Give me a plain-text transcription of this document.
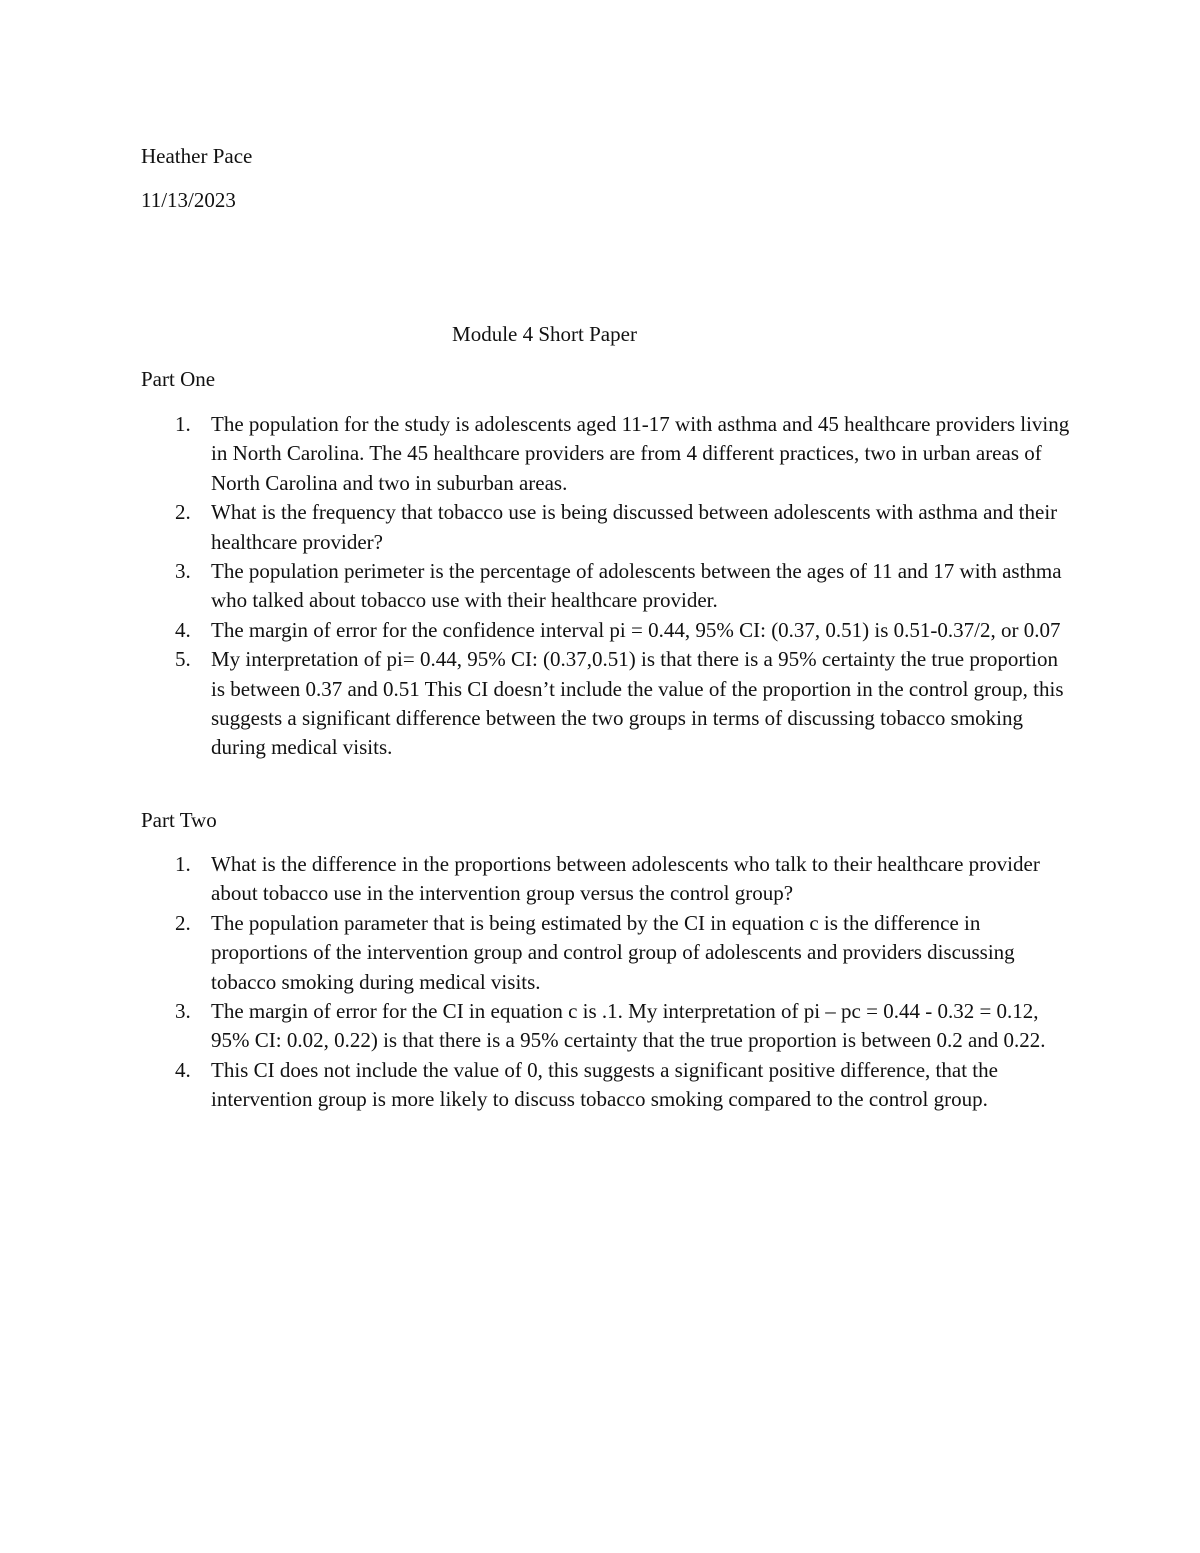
Heather Pace
11/13/2023
Module 4 Short Paper
Part One
1. The population for the study is adolescents aged 11-17 with asthma and 45 healthcare providers living in North Carolina. The 45 healthcare providers are from 4 different practices, two in urban areas of North Carolina and two in suburban areas.
2. What is the frequency that tobacco use is being discussed between adolescents with asthma and their healthcare provider?
3. The population perimeter is the percentage of adolescents between the ages of 11 and 17 with asthma who talked about tobacco use with their healthcare provider.
4. The margin of error for the confidence interval pi = 0.44, 95% CI: (0.37, 0.51) is 0.51-0.37/2, or 0.07
5. My interpretation of pi= 0.44, 95% CI: (0.37,0.51) is that there is a 95% certainty the true proportion is between 0.37 and 0.51 This CI doesn’t include the value of the proportion in the control group, this suggests a significant difference between the two groups in terms of discussing tobacco smoking during medical visits.
Part Two
1. What is the difference in the proportions between adolescents who talk to their healthcare provider about tobacco use in the intervention group versus the control group?
2. The population parameter that is being estimated by the CI in equation c is the difference in proportions of the intervention group and control group of adolescents and providers discussing tobacco smoking during medical visits.
3. The margin of error for the CI in equation c is .1. My interpretation of pi – pc = 0.44 - 0.32 = 0.12, 95% CI: 0.02, 0.22) is that there is a 95% certainty that the true proportion is between 0.2 and 0.22.
4. This CI does not include the value of 0, this suggests a significant positive difference, that the intervention group is more likely to discuss tobacco smoking compared to the control group.
